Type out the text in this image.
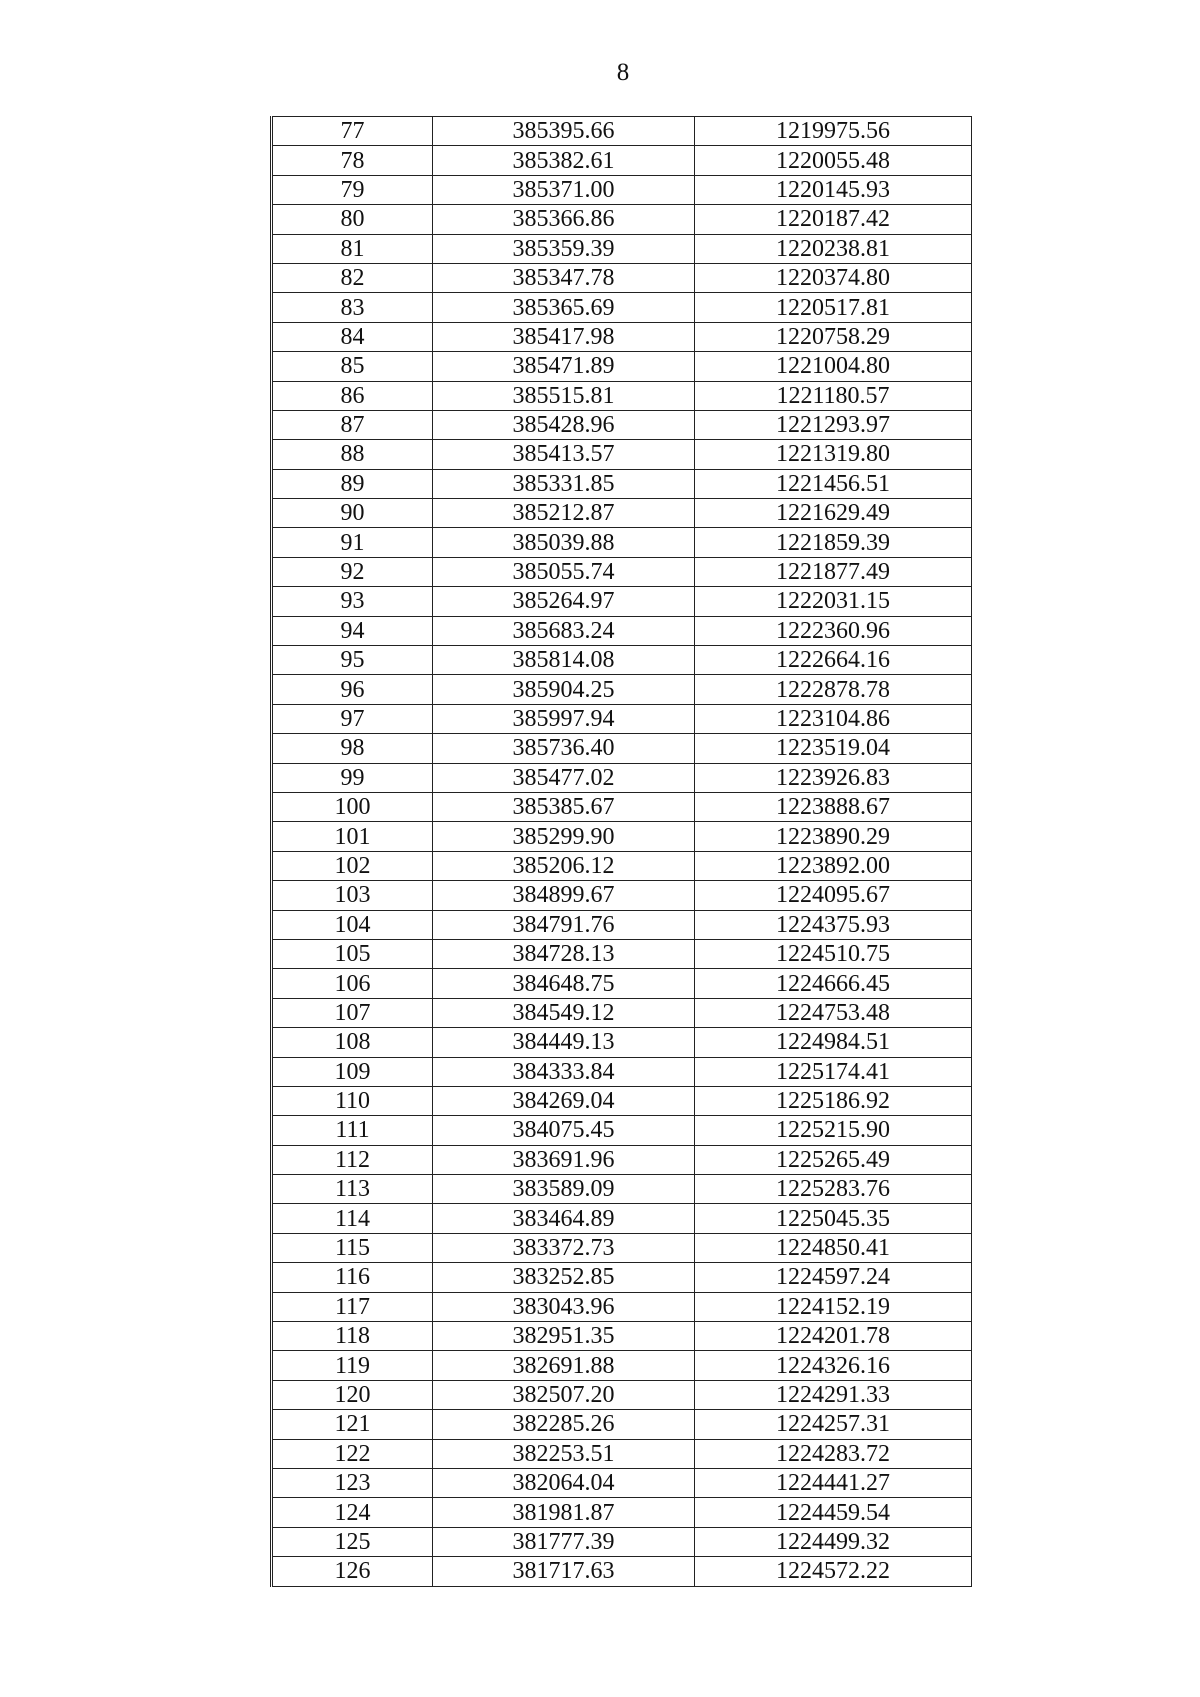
8
77	385395.66	1219975.56
78	385382.61	1220055.48
79	385371.00	1220145.93
80	385366.86	1220187.42
81	385359.39	1220238.81
82	385347.78	1220374.80
83	385365.69	1220517.81
84	385417.98	1220758.29
85	385471.89	1221004.80
86	385515.81	1221180.57
87	385428.96	1221293.97
88	385413.57	1221319.80
89	385331.85	1221456.51
90	385212.87	1221629.49
91	385039.88	1221859.39
92	385055.74	1221877.49
93	385264.97	1222031.15
94	385683.24	1222360.96
95	385814.08	1222664.16
96	385904.25	1222878.78
97	385997.94	1223104.86
98	385736.40	1223519.04
99	385477.02	1223926.83
100	385385.67	1223888.67
101	385299.90	1223890.29
102	385206.12	1223892.00
103	384899.67	1224095.67
104	384791.76	1224375.93
105	384728.13	1224510.75
106	384648.75	1224666.45
107	384549.12	1224753.48
108	384449.13	1224984.51
109	384333.84	1225174.41
110	384269.04	1225186.92
111	384075.45	1225215.90
112	383691.96	1225265.49
113	383589.09	1225283.76
114	383464.89	1225045.35
115	383372.73	1224850.41
116	383252.85	1224597.24
117	383043.96	1224152.19
118	382951.35	1224201.78
119	382691.88	1224326.16
120	382507.20	1224291.33
121	382285.26	1224257.31
122	382253.51	1224283.72
123	382064.04	1224441.27
124	381981.87	1224459.54
125	381777.39	1224499.32
126	381717.63	1224572.22
